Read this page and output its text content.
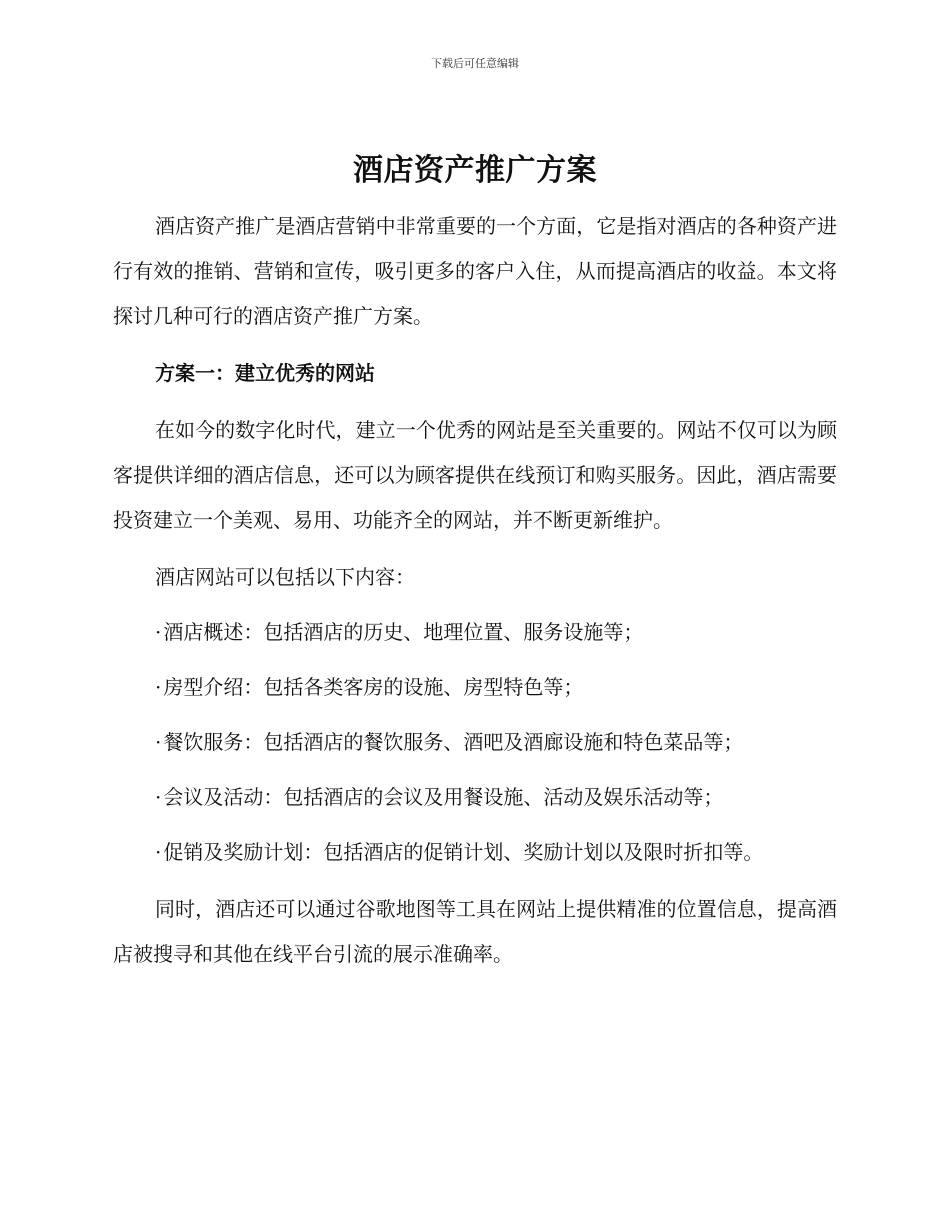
下载后可任意编辑
酒店资产推广方案

酒店资产推广是酒店营销中非常重要的一个方面，它是指对酒店的各种资产进行有效的推销、营销和宣传，吸引更多的客户入住，从而提高酒店的收益。本文将探讨几种可行的酒店资产推广方案。

方案一：建立优秀的网站

在如今的数字化时代，建立一个优秀的网站是至关重要的。网站不仅可以为顾客提供详细的酒店信息，还可以为顾客提供在线预订和购买服务。因此，酒店需要投资建立一个美观、易用、功能齐全的网站，并不断更新维护。

酒店网站可以包括以下内容：

· 酒店概述：包括酒店的历史、地理位置、服务设施等；
· 房型介绍：包括各类客房的设施、房型特色等；
· 餐饮服务：包括酒店的餐饮服务、酒吧及酒廊设施和特色菜品等；
· 会议及活动：包括酒店的会议及用餐设施、活动及娱乐活动等；
· 促销及奖励计划：包括酒店的促销计划、奖励计划以及限时折扣等。

同时，酒店还可以通过谷歌地图等工具在网站上提供精准的位置信息，提高酒店被搜寻和其他在线平台引流的展示准确率。
